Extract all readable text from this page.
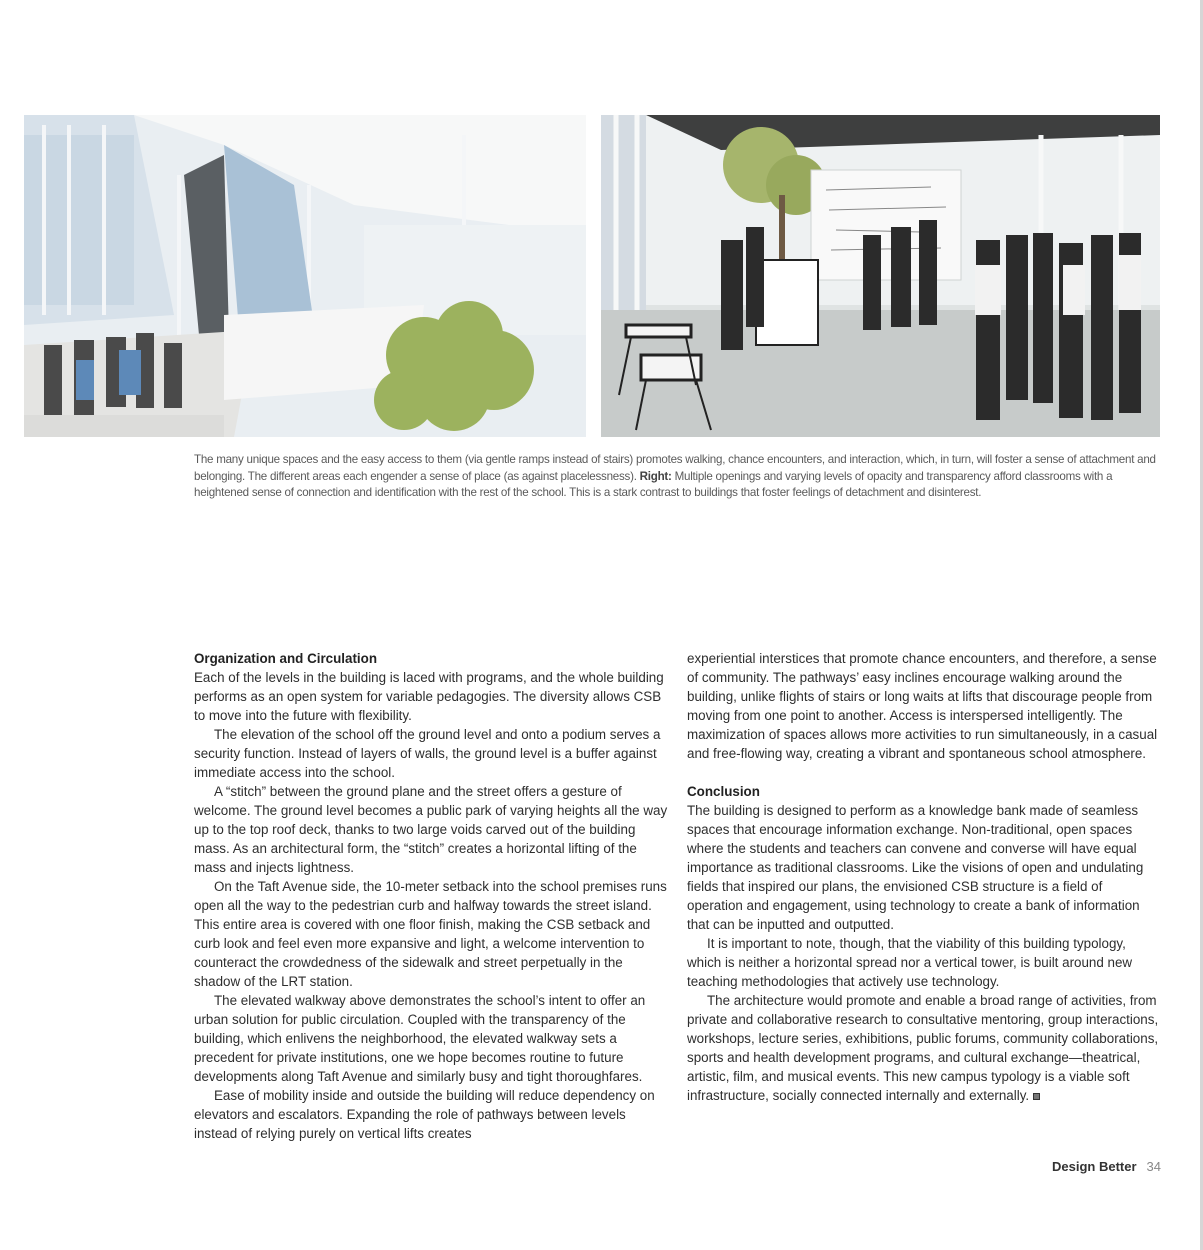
The many unique spaces and the easy access to them (via gentle ramps instead of stairs) promotes walking, chance encounters, and interaction, which, in turn, will foster a sense of attachment and belonging. The different areas each engender a sense of place (as against placelessness). Right: Multiple openings and varying levels of opacity and transparency afford classrooms with a heightened sense of connection and identification with the rest of the school. This is a stark contrast to buildings that foster feelings of detachment and disinterest.
Organization and Circulation

Each of the levels in the building is laced with programs, and the whole building performs as an open system for variable pedagogies. The diversity allows CSB to move into the future with flexibility.

The elevation of the school off the ground level and onto a podium serves a security function. Instead of layers of walls, the ground level is a buffer against immediate access into the school.

A “stitch” between the ground plane and the street offers a gesture of welcome. The ground level becomes a public park of varying heights all the way up to the top roof deck, thanks to two large voids carved out of the building mass. As an architectural form, the “stitch” creates a horizontal lifting of the mass and injects lightness.

On the Taft Avenue side, the 10-meter setback into the school premises runs open all the way to the pedestrian curb and halfway towards the street island. This entire area is covered with one floor finish, making the CSB setback and curb look and feel even more expansive and light, a welcome intervention to counteract the crowdedness of the sidewalk and street perpetually in the shadow of the LRT station.

The elevated walkway above demonstrates the school’s intent to offer an urban solution for public circulation. Coupled with the transparency of the building, which enlivens the neighborhood, the elevated walkway sets a precedent for private institutions, one we hope becomes routine to future developments along Taft Avenue and similarly busy and tight thoroughfares.

Ease of mobility inside and outside the building will reduce dependency on elevators and escalators. Expanding the role of pathways between levels instead of relying purely on vertical lifts creates

experiential interstices that promote chance encounters, and therefore, a sense of community. The pathways’ easy inclines encourage walking around the building, unlike flights of stairs or long waits at lifts that discourage people from moving from one point to another. Access is interspersed intelligently. The maximization of spaces allows more activities to run simultaneously, in a casual and free-flowing way, creating a vibrant and spontaneous school atmosphere.

Conclusion

The building is designed to perform as a knowledge bank made of seamless spaces that encourage information exchange. Non-traditional, open spaces where the students and teachers can convene and converse will have equal importance as traditional classrooms. Like the visions of open and undulating fields that inspired our plans, the envisioned CSB structure is a field of operation and engagement, using technology to create a bank of information that can be inputted and outputted.

It is important to note, though, that the viability of this building typology, which is neither a horizontal spread nor a vertical tower, is built around new teaching methodologies that actively use technology.

The architecture would promote and enable a broad range of activities, from private and collaborative research to consultative mentoring, group interactions, workshops, lecture series, exhibitions, public forums, community collaborations, sports and health development programs, and cultural exchange—theatrical, artistic, film, and musical events. This new campus typology is a viable soft infrastructure, socially connected internally and externally.

Design Better 34
